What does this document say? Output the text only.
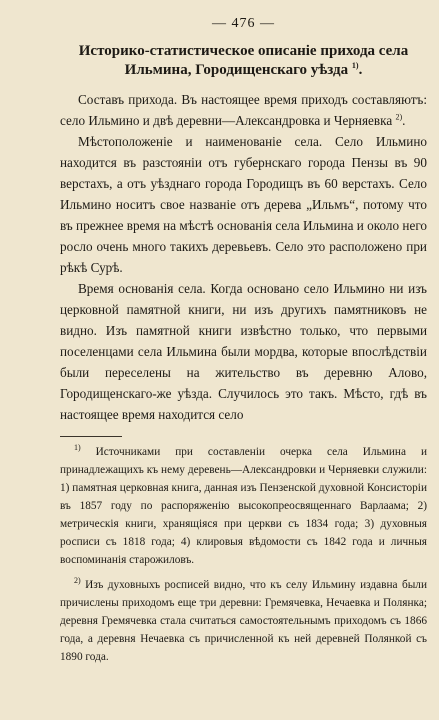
— 476 —
Историко-статистическое описаніе прихода села Ильмина, Городищенскаго уѣзда $^{1)}$.

Составъ прихода. Въ настоящее время приходъ составляютъ: село Ильмино и двѣ деревни—Александровка и Черняевка $^{2)}$.

Мѣстоположеніе и наименованіе села. Село Ильмино находится въ разстояніи отъ губернскаго города Пензы въ 90 верстахъ, а отъ уѣзднаго города Городищъ въ 60 верстахъ. Село Ильмино носитъ свое названіе отъ дерева „Ильмъ“, потому что въ прежнее время на мѣстѣ основанія села Ильмина и около него росло очень много такихъ деревьевъ. Село это расположено при рѣкѣ Сурѣ.

Время основанія села. Когда основано село Ильмино ни изъ церковной памятной книги, ни изъ другихъ памятниковъ не видно. Изъ памятной книги извѣстно только, что первыми поселенцами села Ильмина были мордва, которые впослѣдствіи были переселены на жительство въ деревню Алово, Городищенскаго-же уѣзда. Случилось это такъ. Мѣсто, гдѣ въ настоящее время находится село

$^{1)}$ Источниками при составленіи очерка села Ильмина и принадлежащихъ къ нему деревень—Александровки и Черняевки служили: 1) памятная церковная книга, данная изъ Пензенской духовной Консисторіи въ 1857 году по распоряженію высокопреосвященнаго Варлаама; 2) метрическія книги, хранящіяся при церкви съ 1834 года; 3) духовныя росписи съ 1818 года; 4) клировыя вѣдомости съ 1842 года и личныя воспоминанія старожиловъ.

$^{2)}$ Изъ духовныхъ росписей видно, что къ селу Ильмину издавна были причислены приходомъ еще три деревни: Гремячевка, Нечаевка и Полянка; деревня Гремячевка стала считаться самостоятельнымъ приходомъ съ 1866 года, а деревня Нечаевка съ причисленной къ ней деревней Полянкой съ 1890 года.
